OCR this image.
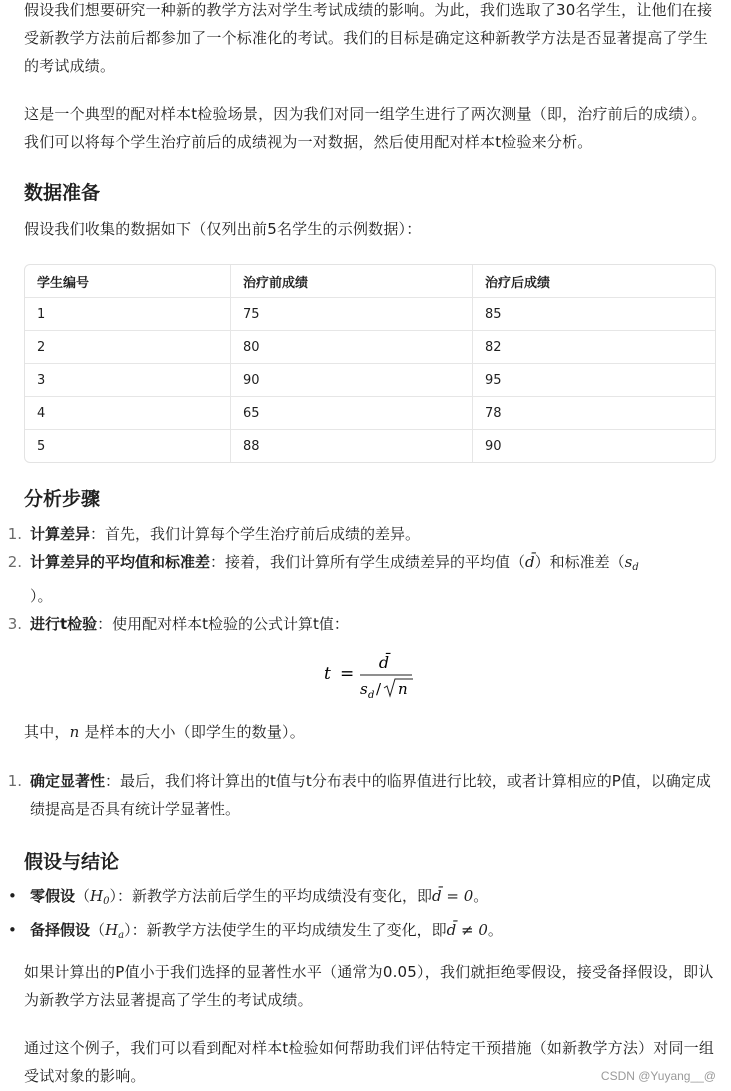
假设我们想要研究一种新的教学方法对学生考试成绩的影响。为此，我们选取了30名学生，让他们在接受新教学方法前后都参加了一个标准化的考试。我们的目标是确定这种新教学方法是否显著提高了学生的考试成绩。

这是一个典型的配对样本t检验场景，因为我们对同一组学生进行了两次测量（即，治疗前后的成绩）。我们可以将每个学生治疗前后的成绩视为一对数据，然后使用配对样本t检验来分析。

数据准备

假设我们收集的数据如下（仅列出前5名学生的示例数据）：

学生编号	治疗前成绩	治疗后成绩
1	75	85
2	80	82
3	90	95
4	65	78
5	88	90
分析步骤
1. 计算差异：首先，我们计算每个学生治疗前后成绩的差异。
2. 计算差异的平均值和标准差：接着，我们计算所有学生成绩差异的平均值（d̄）和标准差（$s_d$
）。
3. 进行t检验：使用配对样本t检验的公式计算t值：
t =
d̄
s d / n

其中，n 是样本的大小（即学生的数量）。

1. 确定显著性：最后，我们将计算出的t值与t分布表中的临界值进行比较，或者计算相应的P值，以确定成绩提高是否具有统计学显著性。
假设与结论
• 零假设$(H_0)$：新教学方法前后学生的平均成绩没有变化，即d̄ = 0。
• 备择假设$(H_a)$：新教学方法使学生的平均成绩发生了变化，即d̄ ≠ 0。

如果计算出的P值小于我们选择的显著性水平（通常为0.05），我们就拒绝零假设，接受备择假设，即认为新教学方法显著提高了学生的考试成绩。

通过这个例子，我们可以看到配对样本t检验如何帮助我们评估特定干预措施（如新教学方法）对同一组受试对象的影响。	CSDN @Yuyang__@
